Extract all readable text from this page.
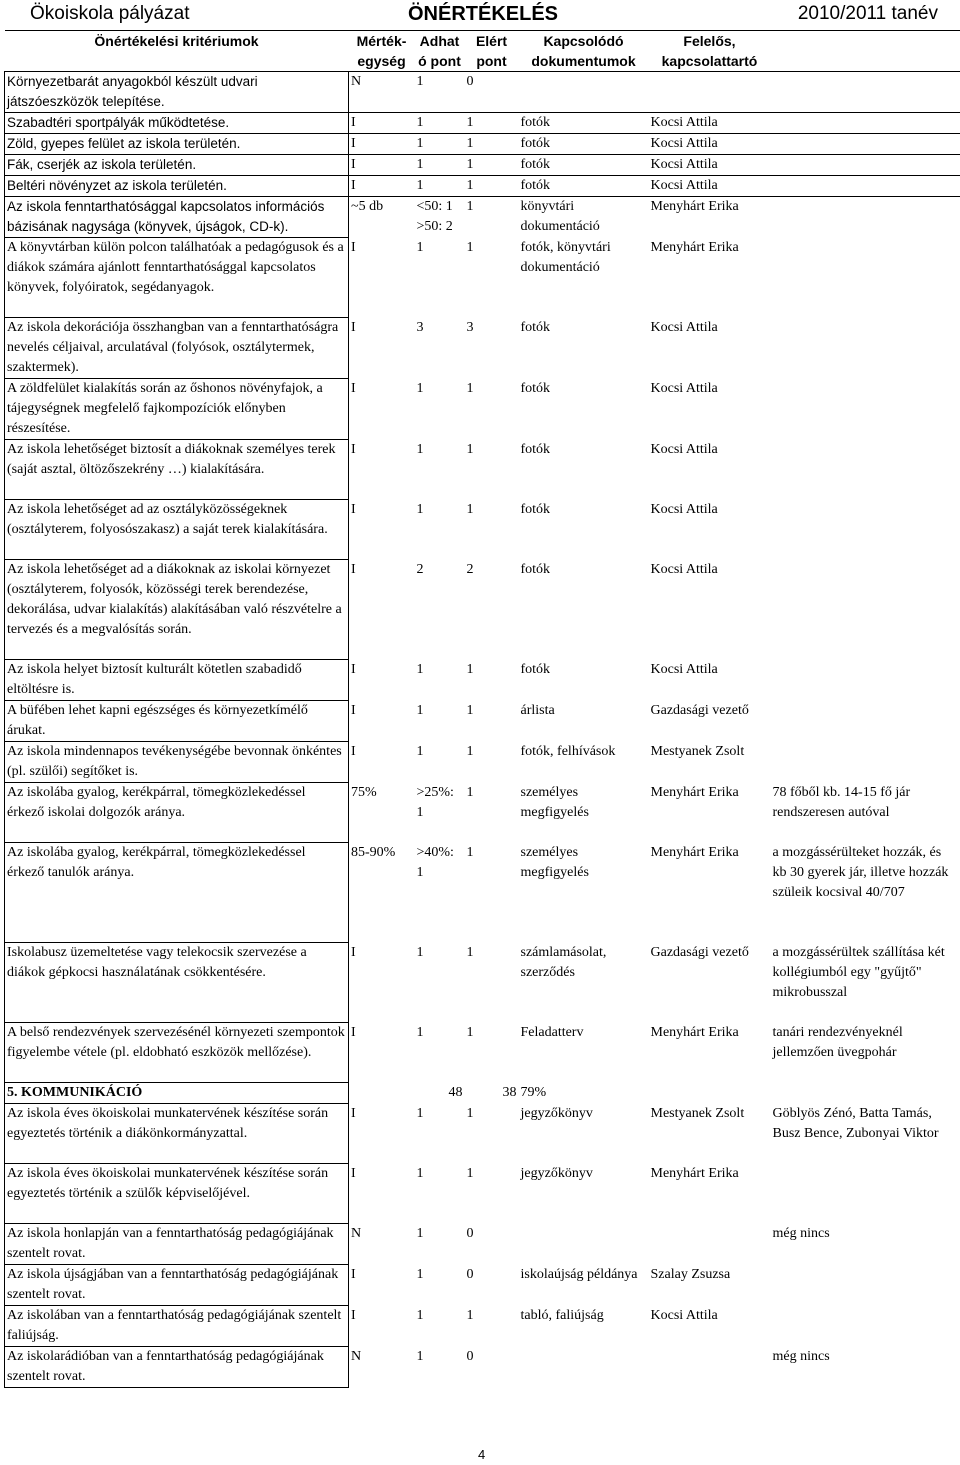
Ökoiskola pályázat	ÖNÉRTÉKELÉS	2010/2011 tanév
Önértékelési kritériumok	Mérték- egység	Adhat ó pont	Elért pont	Kapcsolódó dokumentumok	Felelős, kapcsolattartó	
Környezetbarát anyagokból készült udvari játszóeszközök telepítése.	N	1	0			
Szabadtéri sportpályák működtetése.	I	1	1	fotók	Kocsi Attila	
Zöld, gyepes felület az iskola területén.	I	1	1	fotók	Kocsi Attila	
Fák, cserjék az iskola területén.	I	1	1	fotók	Kocsi Attila	
Beltéri növényzet az iskola területén.	I	1	1	fotók	Kocsi Attila	
Az iskola fenntarthatósággal kapcsolatos információs bázisának nagysága (könyvek, újságok, CD-k).	~5 db	<50: 1 >50: 2	1	könyvtári dokumentáció	Menyhárt Erika	
A könyvtárban külön polcon találhatóak a pedagógusok és a diákok számára ajánlott fenntarthatósággal kapcsolatos könyvek, folyóiratok, segédanyagok.	I	1	1	fotók, könyvtári dokumentáció	Menyhárt Erika	
Az iskola dekorációja összhangban van a fenntarthatóságra nevelés céljaival, arculatával (folyósok, osztálytermek, szaktermek).	I	3	3	fotók	Kocsi Attila	
A zöldfelület kialakítás során az őshonos növényfajok, a tájegységnek megfelelő fajkompozíciók előnyben részesítése.	I	1	1	fotók	Kocsi Attila	
Az iskola lehetőséget biztosít a diákoknak személyes terek (saját asztal, öltözőszekrény …) kialakítására.	I	1	1	fotók	Kocsi Attila	
Az iskola lehetőséget ad az osztályközösségeknek (osztályterem, folyosószakasz) a saját terek kialakítására.	I	1	1	fotók	Kocsi Attila	
Az iskola lehetőséget ad a diákoknak az iskolai környezet (osztályterem, folyosók, közösségi terek berendezése, dekorálása, udvar kialakítás) alakításában való részvételre a tervezés és a megvalósítás során.	I	2	2	fotók	Kocsi Attila	
Az iskola helyet biztosít kulturált kötetlen szabadidő eltöltésre is.	I	1	1	fotók	Kocsi Attila	
A büfében lehet kapni egészséges és környezetkímélő árukat.	I	1	1	árlista	Gazdasági vezető	
Az iskola mindennapos tevékenységébe bevonnak önkéntes (pl. szülői) segítőket is.	I	1	1	fotók, felhívások	Mestyanek Zsolt	
Az iskolába gyalog, kerékpárral, tömegközlekedéssel érkező iskolai dolgozók aránya.	75%	>25%: 1	1	személyes megfigyelés	Menyhárt Erika	78 főből kb. 14-15 fő jár rendszeresen autóval
Az iskolába gyalog, kerékpárral, tömegközlekedéssel érkező tanulók aránya.	85-90%	>40%: 1	1	személyes megfigyelés	Menyhárt Erika	a mozgássérülteket hozzák, és kb 30 gyerek jár, illetve hozzák szüleik kocsival 40/707
Iskolabusz üzemeltetése vagy telekocsik szervezése a diákok gépkocsi használatának csökkentésére.	I	1	1	számlamásolat, szerződés	Gazdasági vezető	a mozgássérültek szállítása két kollégiumból egy "gyűjtő" mikrobusszal
A belső rendezvények szervezésénél környezeti szempontok figyelembe vétele (pl. eldobható eszközök mellőzése).	I	1	1	Feladatterv	Menyhárt Erika	tanári rendezvényeknél jellemzően üvegpohár
5. KOMMUNIKÁCIÓ		48	38	79%		
Az iskola éves ökoiskolai munkatervének készítése során egyeztetés történik a diákönkormányzattal.	I	1	1	jegyzőkönyv	Mestyanek Zsolt	Göblyös Zénó, Batta Tamás, Busz Bence, Zubonyai Viktor
Az iskola éves ökoiskolai munkatervének készítése során egyeztetés történik a szülők képviselőjével.	I	1	1	jegyzőkönyv	Menyhárt Erika	
Az iskola honlapján van a fenntarthatóság pedagógiájának szentelt rovat.	N	1	0			még nincs
Az iskola újságjában van a fenntarthatóság pedagógiájának szentelt rovat.	I	1	0	iskolaújság példánya	Szalay Zsuzsa	
Az iskolában van a fenntarthatóság pedagógiájának szentelt faliújság.	I	1	1	tabló, faliújság	Kocsi Attila	
Az iskolarádióban van a fenntarthatóság pedagógiájának szentelt rovat.	N	1	0			még nincs
4
